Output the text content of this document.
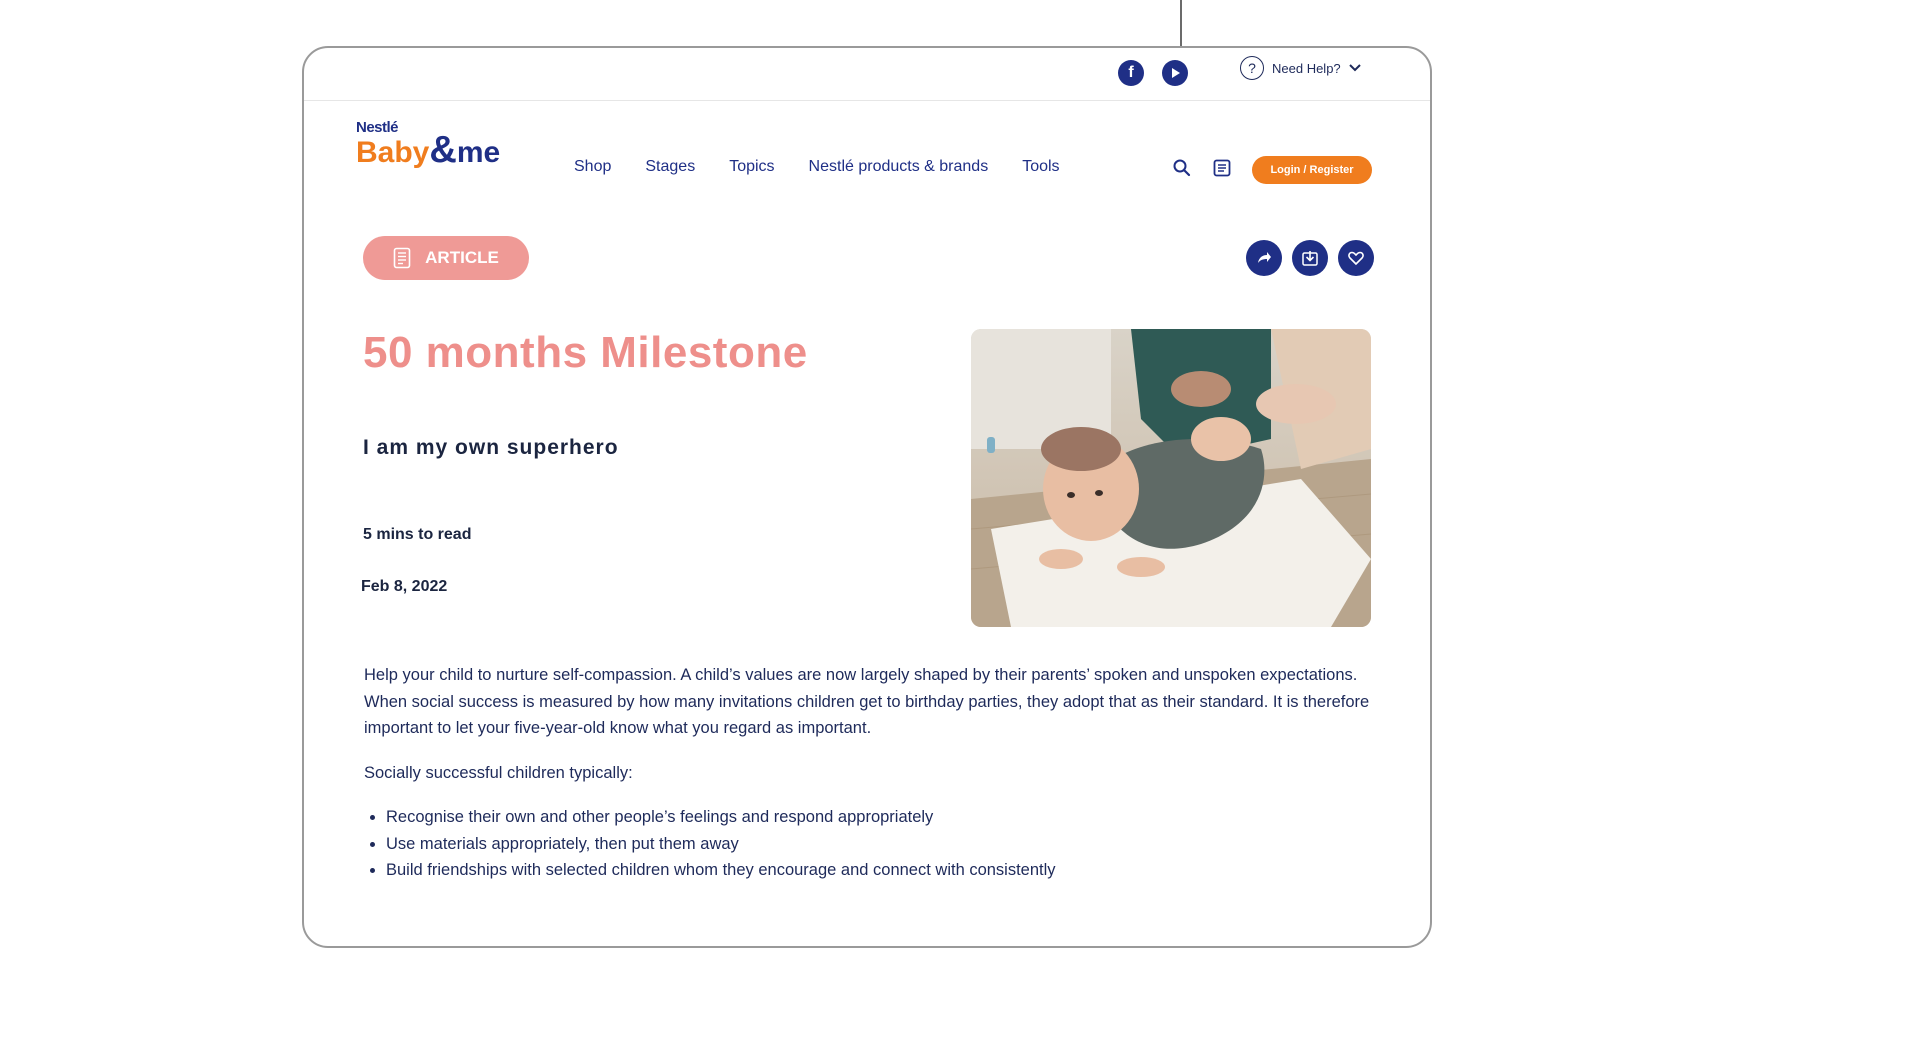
f	?	Need Help?
Nestlé
Baby&me	Shop Stages Topics Nestlé products & brands Tools	Login / Register
ARTICLE
50 months Milestone
I am my own superhero
5 mins to read
Feb 8, 2022

Help your child to nurture self-compassion. A child’s values are now largely shaped by their parents’ spoken and unspoken expectations. When social success is measured by how many invitations children get to birthday parties, they adopt that as their standard. It is therefore important to let your five-year-old know what you regard as important.

Socially successful children typically:

• Recognise their own and other people’s feelings and respond appropriately
• Use materials appropriately, then put them away
• Build friendships with selected children whom they encourage and connect with consistently
